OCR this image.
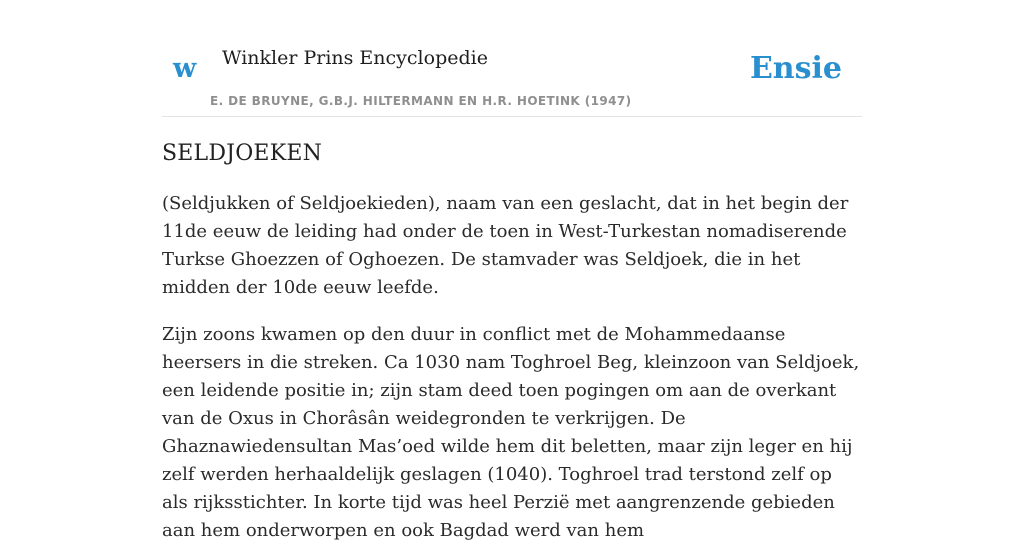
w Winkler Prins Encyclopedie
E. DE BRUYNE, G.B.J. HILTERMANN EN H.R. HOETINK (1947)
Ensie
SELDJOEKEN

(Seldjukken of Seldjoekieden), naam van een geslacht, dat in het begin der 11de eeuw de leiding had onder de toen in West-Turkestan nomadiserende Turkse Ghoezzen of Oghoezen. De stamvader was Seldjoek, die in het midden der 10de eeuw leefde.

Zijn zoons kwamen op den duur in conflict met de Mohammedaanse heersers in die streken. Ca 1030 nam Toghroel Beg, kleinzoon van Seldjoek, een leidende positie in; zijn stam deed toen pogingen om aan de overkant van de Oxus in Chorâsân weidegronden te verkrijgen. De Ghaznawiedensultan Mas’oed wilde hem dit beletten, maar zijn leger en hij zelf werden herhaaldelijk geslagen (1040). Toghroel trad terstond zelf op als rijksstichter. In korte tijd was heel Perzië met aangrenzende gebieden aan hem onderworpen en ook Bagdad werd van hem
